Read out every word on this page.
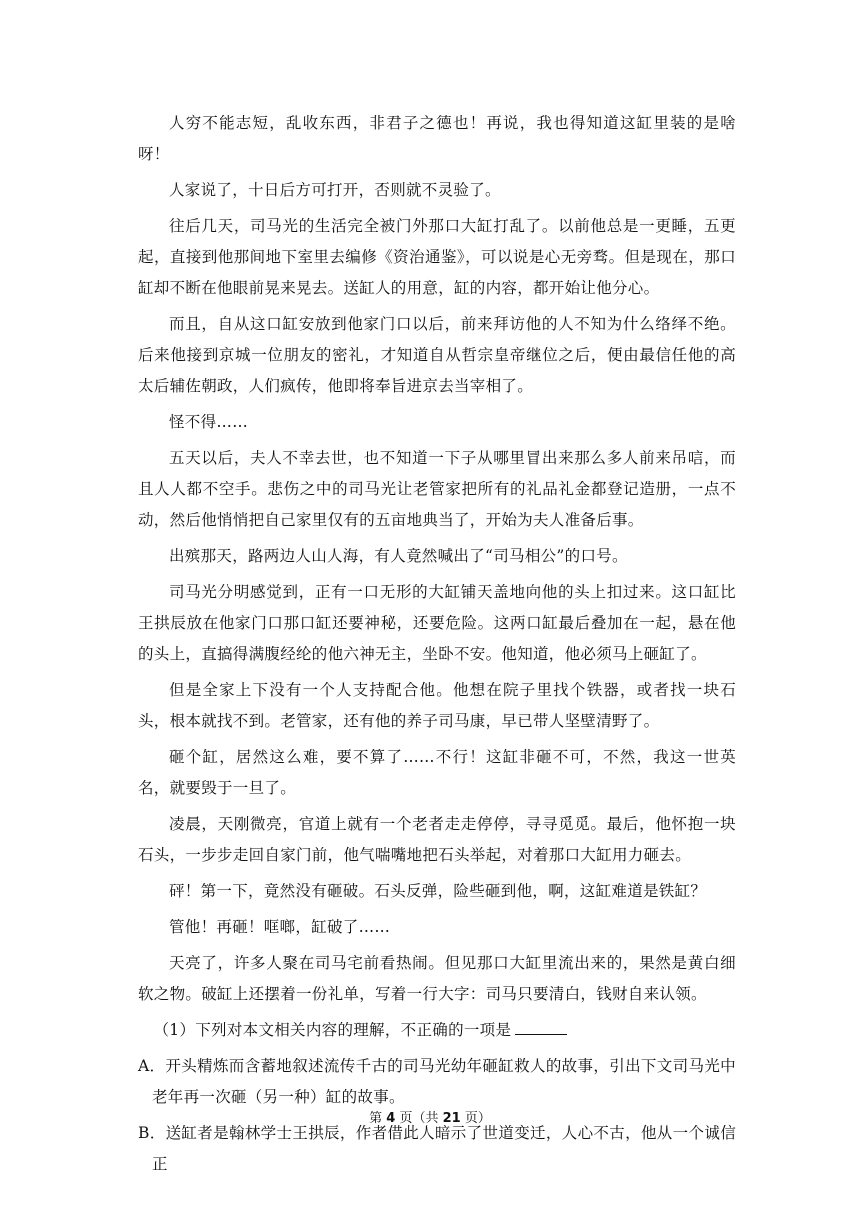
人穷不能志短，乱收东西，非君子之德也！再说，我也得知道这缸里装的是啥呀！

人家说了，十日后方可打开，否则就不灵验了。

往后几天，司马光的生活完全被门外那口大缸打乱了。以前他总是一更睡，五更起，直接到他那间地下室里去编修《资治通鉴》，可以说是心无旁骛。但是现在，那口缸却不断在他眼前晃来晃去。送缸人的用意，缸的内容，都开始让他分心。

而且，自从这口缸安放到他家门口以后，前来拜访他的人不知为什么络绎不绝。后来他接到京城一位朋友的密礼，才知道自从哲宗皇帝继位之后，便由最信任他的高太后辅佐朝政，人们疯传，他即将奉旨进京去当宰相了。

怪不得……

五天以后，夫人不幸去世，也不知道一下子从哪里冒出来那么多人前来吊唁，而且人人都不空手。悲伤之中的司马光让老管家把所有的礼品礼金都登记造册，一点不动，然后他悄悄把自己家里仅有的五亩地典当了，开始为夫人准备后事。

出殡那天，路两边人山人海，有人竟然喊出了“司马相公”的口号。

司马光分明感觉到，正有一口无形的大缸铺天盖地向他的头上扣过来。这口缸比王拱辰放在他家门口那口缸还要神秘，还要危险。这两口缸最后叠加在一起，悬在他的头上，直搞得满腹经纶的他六神无主，坐卧不安。他知道，他必须马上砸缸了。

但是全家上下没有一个人支持配合他。他想在院子里找个铁器，或者找一块石头，根本就找不到。老管家，还有他的养子司马康，早已带人坚壁清野了。

砸个缸，居然这么难，要不算了……不行！这缸非砸不可，不然，我这一世英名，就要毁于一旦了。

凌晨，天刚微亮，官道上就有一个老者走走停停，寻寻觅觅。最后，他怀抱一块石头，一步步走回自家门前，他气喘嘴地把石头举起，对着那口大缸用力砸去。

砰！第一下，竟然没有砸破。石头反弹，险些砸到他，啊，这缸难道是铁缸？

管他！再砸！哐啷，缸破了……

天亮了，许多人聚在司马宅前看热闹。但见那口大缸里流出来的，果然是黄白细软之物。破缸上还摆着一份礼单，写着一行大字：司马只要清白，钱财自来认领。

（1）下列对本文相关内容的理解，不正确的一项是

A．开头精炼而含蓄地叙述流传千古的司马光幼年砸缸救人的故事，引出下文司马光中老年再一次砸（另一种）缸的故事。

B．送缸者是翰林学士王拱辰，作者借此人暗示了世道变迁，人心不古，他从一个诚信正

第 4 页（共 21 页）
